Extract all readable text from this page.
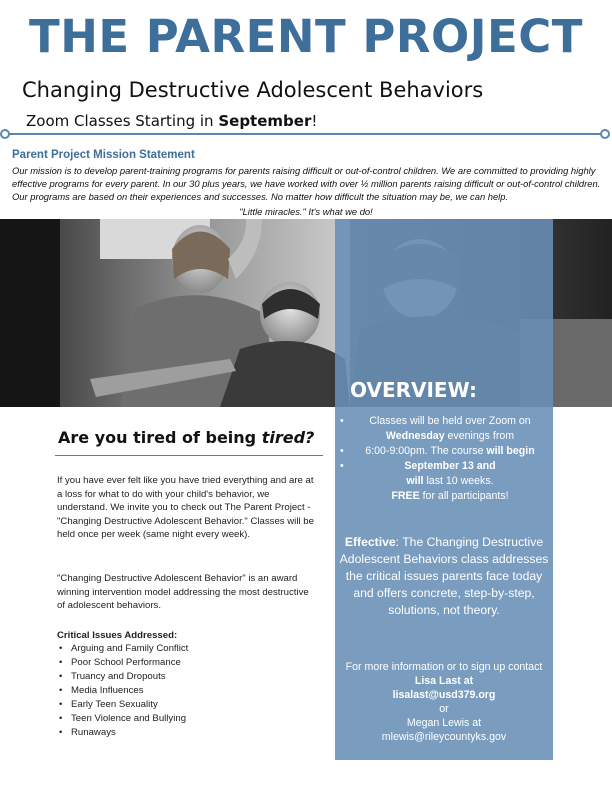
THE PARENT PROJECT
Changing Destructive Adolescent Behaviors
Zoom Classes Starting in September!
Parent Project Mission Statement
Our mission is to develop parent-training programs for parents raising difficult or out-of-control children. We are committed to providing highly effective programs for every parent. In our 30 plus years, we have worked with over ½ million parents raising difficult or out-of-control children. Our programs are based on their experiences and successes. No matter how difficult the situation may be, we can help.
"Little miracles." It's what we do!
OVERVIEW:
• Classes will be held over Zoom on Wednesday evenings from
• 6:00-9:00pm. The course will begin
• September 13 and
will last 10 weeks.
FREE for all participants!
Effective: The Changing Destructive Adolescent Behaviors class addresses the critical issues parents face today and offers concrete, step-by-step, solutions, not theory.
For more information or to sign up contact
Lisa Last at
lisalast@usd379.org
or
Megan Lewis at
mlewis@rileycountyks.gov
Are you tired of being tired?
If you have ever felt like you have tried everything and are at a loss for what to do with your child's behavior, we understand. We invite you to check out The Parent Project - "Changing Destructive Adolescent Behavior." Classes will be held once per week (same night every week).
"Changing Destructive Adolescent Behavior" is an award winning intervention model addressing the most destructive of adolescent behaviors.
Critical Issues Addressed:
• Arguing and Family Conflict
• Poor School Performance
• Truancy and Dropouts
• Media Influences
• Early Teen Sexuality
• Teen Violence and Bullying
• Runaways
